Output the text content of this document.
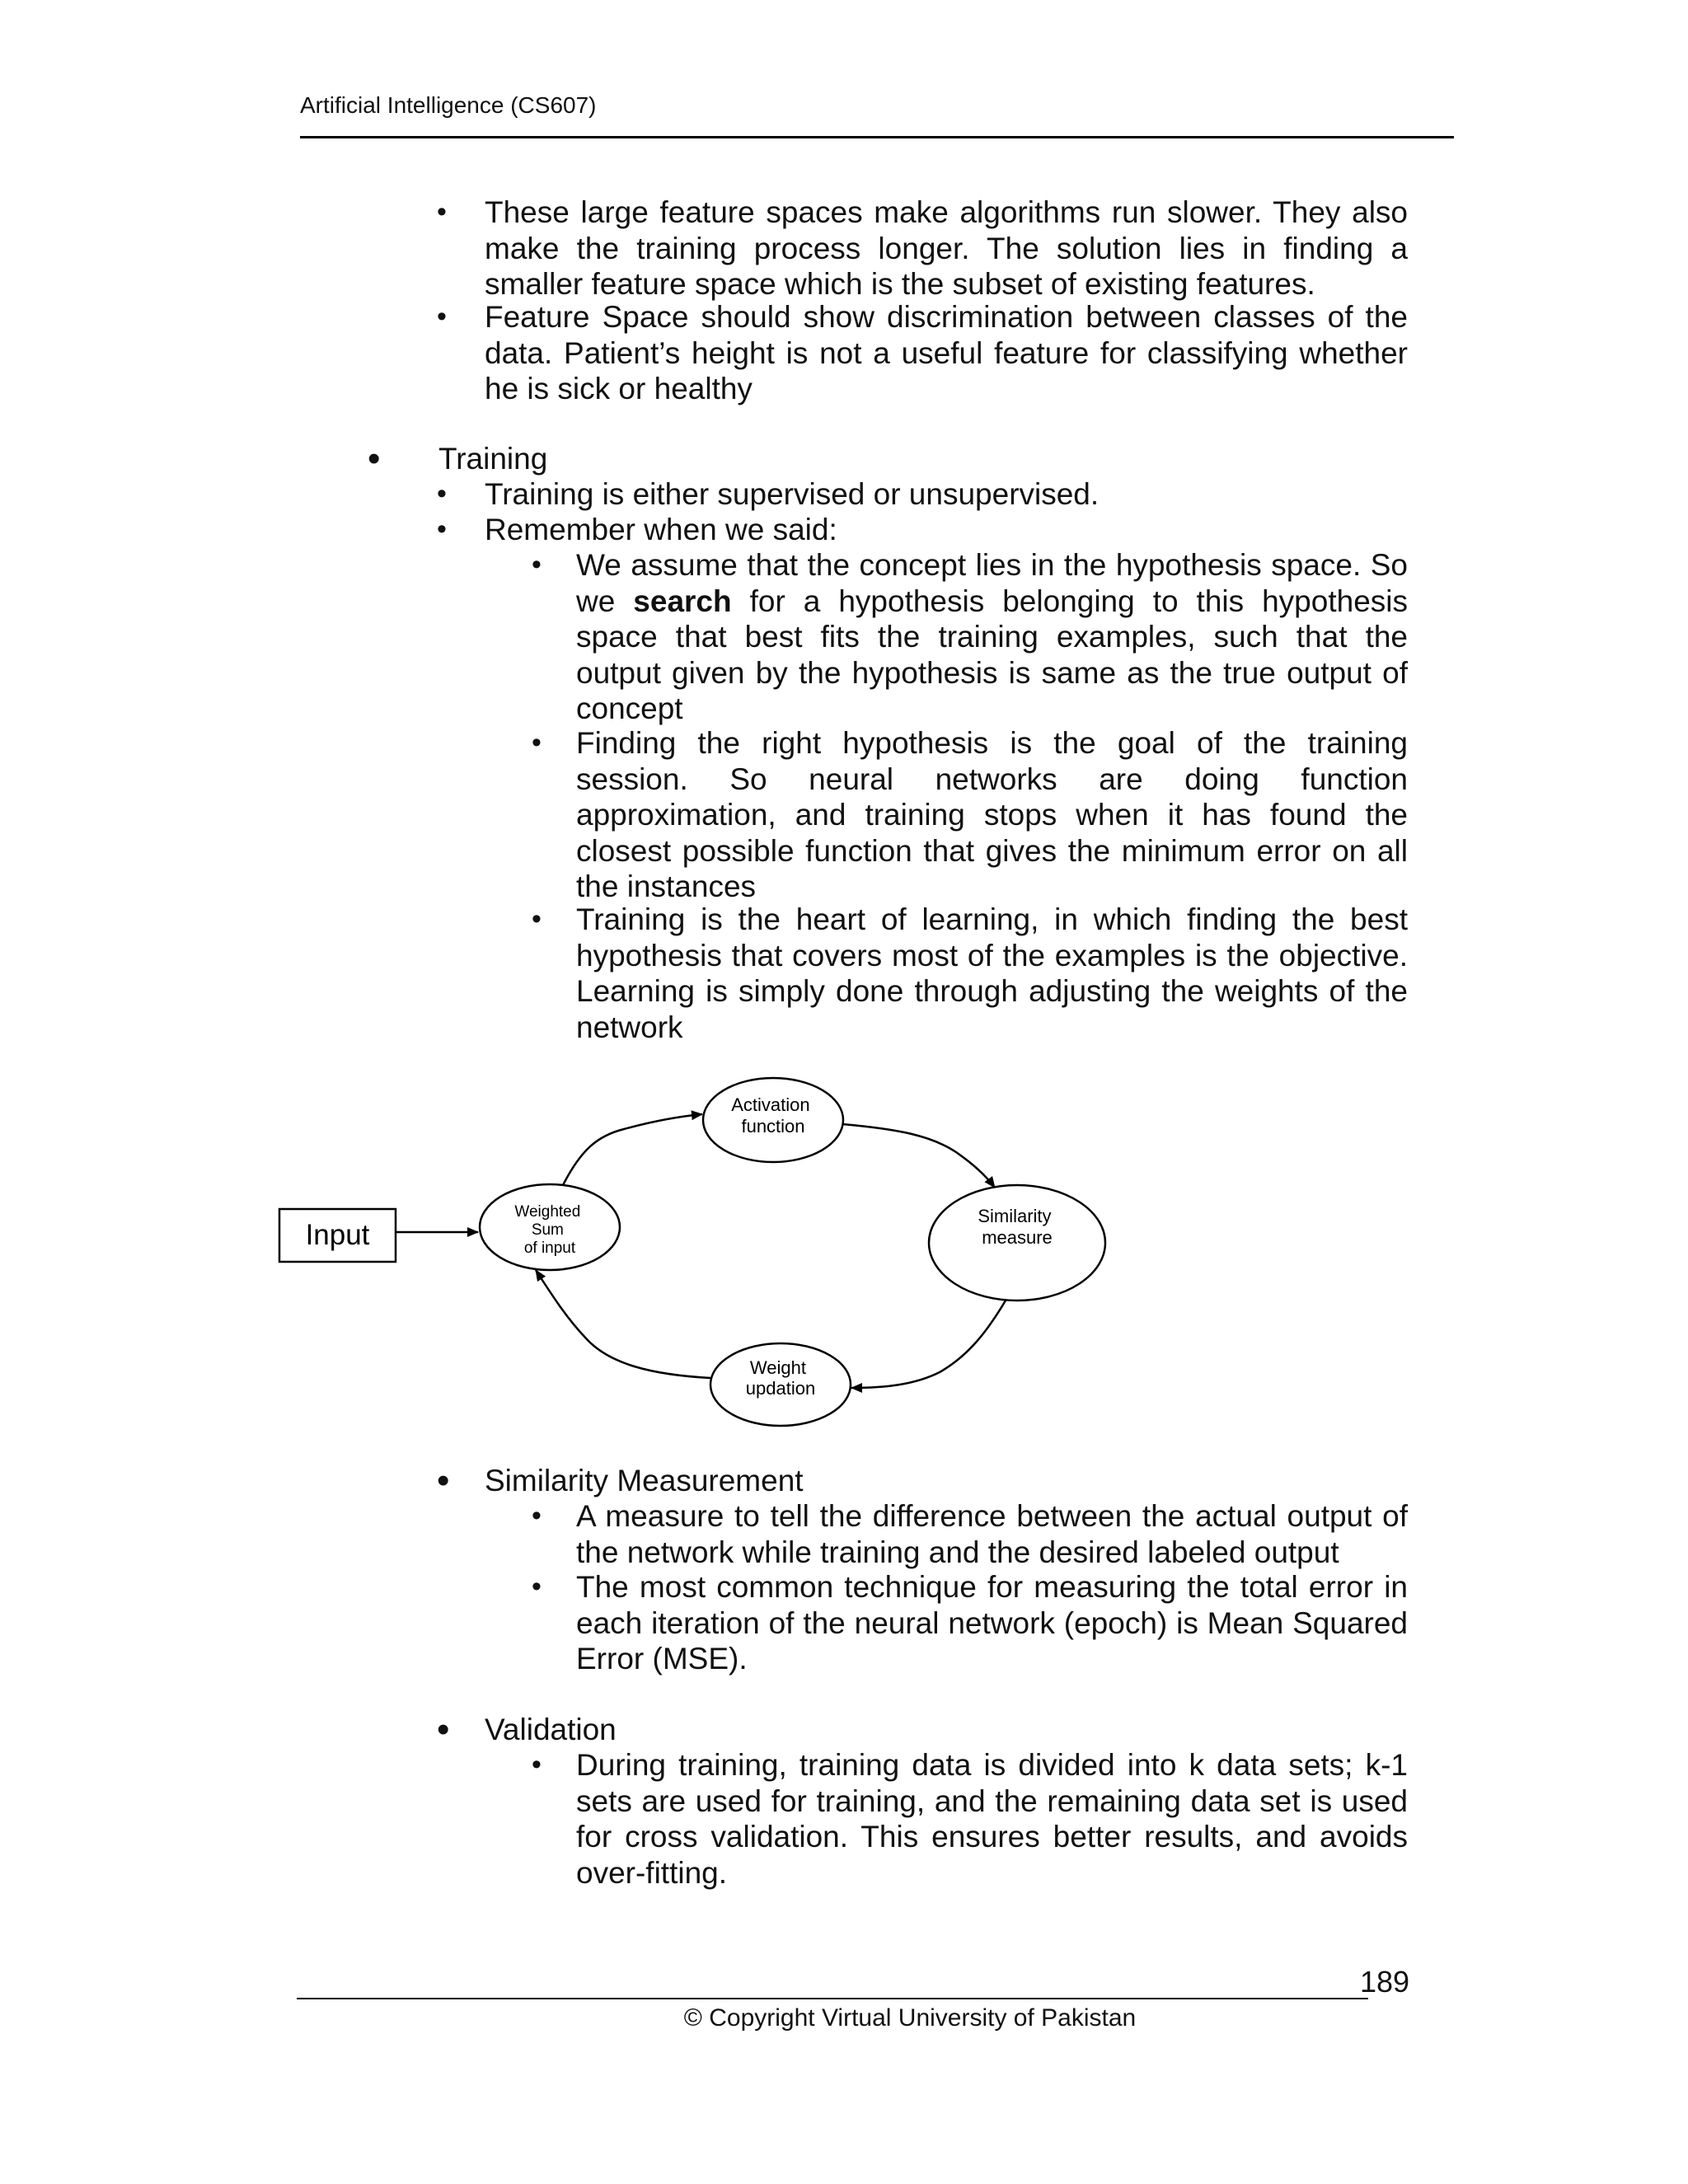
Artificial Intelligence (CS607)
• These large feature spaces make algorithms run slower. They also make the training process longer. The solution lies in finding a smaller feature space which is the subset of existing features.
• Feature Space should show discrimination between classes of the data. Patient’s height is not a useful feature for classifying whether he is sick or healthy
• Training
• Training is either supervised or unsupervised.
• Remember when we said:
• We assume that the concept lies in the hypothesis space. So we search for a hypothesis belonging to this hypothesis space that best fits the training examples, such that the output given by the hypothesis is same as the true output of concept
• Finding the right hypothesis is the goal of the training session. So neural networks are doing function approximation, and training stops when it has found the closest possible function that gives the minimum error on all the instances
• Training is the heart of learning, in which finding the best hypothesis that covers most of the examples is the objective. Learning is simply done through adjusting the weights of the network
Input
Weighted Sum of input
Activation function
Similarity measure
Weight updation
• Similarity Measurement
• A measure to tell the difference between the actual output of the network while training and the desired labeled output
• The most common technique for measuring the total error in each iteration of the neural network (epoch) is Mean Squared Error (MSE).
• Validation
• During training, training data is divided into k data sets; k-1 sets are used for training, and the remaining data set is used for cross validation. This ensures better results, and avoids over-fitting.
189
© Copyright Virtual University of Pakistan
